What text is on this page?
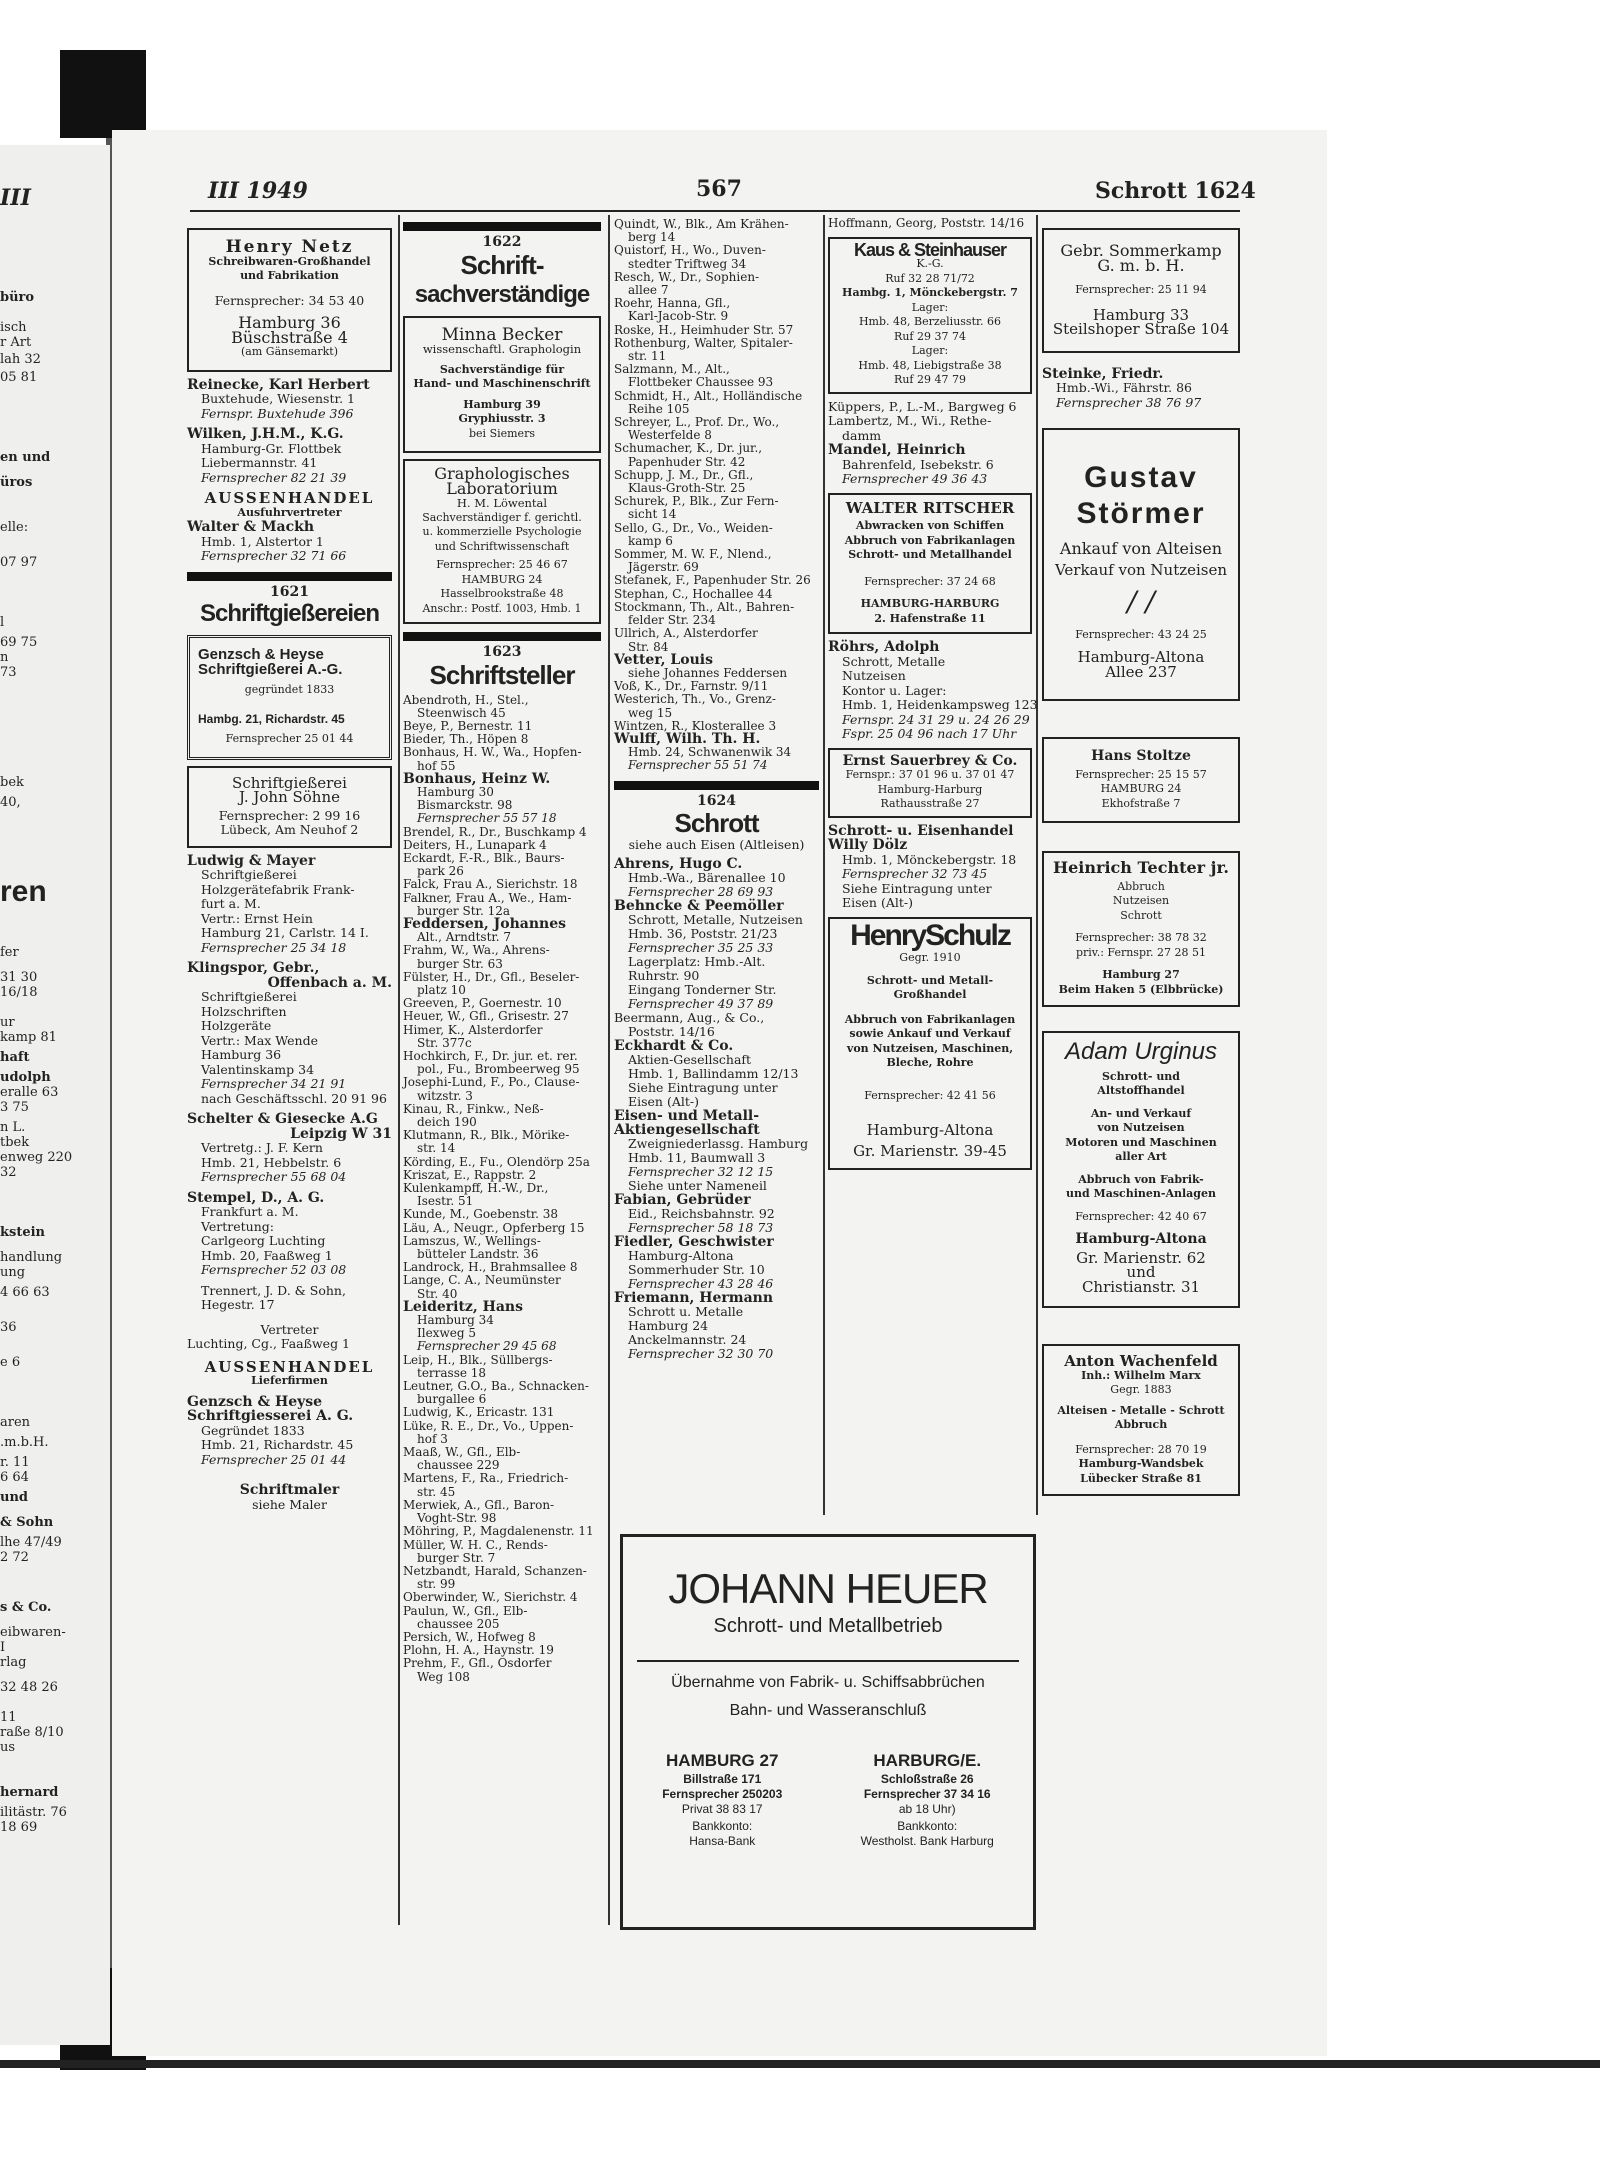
III
büro
isch
r Art
lah 32
05 81
en und
üros
elle:
07 97
l
69 75
n
73
bek
40,
ren
fer
31 30
16/18
ur
kamp 81
haft
udolph
eralle 63
3 75
n L.
tbek
enweg 220
32
kstein
handlung
ung
4 66 63
36
e 6
aren
.m.b.H.
r. 11
6 64
und
& Sohn
lhe 47/49
2 72
s & Co.
eibwaren-
I
rlag
32 48 26
11
raße 8/10
us
hernard
ilitästr. 76
18 69
III 1949	567	Schrott 1624
Henry Netz
Schreibwaren-Großhandel
und Fabrikation
Fernsprecher: 34 53 40
Hamburg 36
Büschstraße 4
(am Gänsemarkt)
Reinecke, Karl Herbert
Buxtehude, Wiesenstr. 1
Fernspr. Buxtehude 396
Wilken, J.H.M., K.G.
Hamburg-Gr. Flottbek
Liebermannstr. 41
Fernsprecher 82 21 39
AUSSENHANDEL
Ausfuhrvertreter
Walter & Mackh
Hmb. 1, Alstertor 1
Fernsprecher 32 71 66
1621
Schriftgießereien
Genzsch & Heyse
Schriftgießerei A.-G.
gegründet 1833
Hambg. 21, Richardstr. 45
Fernsprecher 25 01 44
Schriftgießerei
J. John Söhne
Fernsprecher: 2 99 16
Lübeck, Am Neuhof 2
Ludwig & Mayer
Schriftgießerei
Holzgerätefabrik Frank-
furt a. M.
Vertr.: Ernst Hein
Hamburg 21, Carlstr. 14 I.
Fernsprecher 25 34 18
Klingspor, Gebr.,
Offenbach a. M.
Schriftgießerei
Holzschriften
Holzgeräte
Vertr.: Max Wende
Hamburg 36
Valentinskamp 34
Fernsprecher 34 21 91
nach Geschäftsschl. 20 91 96
Schelter & Giesecke A.G
Leipzig W 31
Vertretg.: J. F. Kern
Hmb. 21, Hebbelstr. 6
Fernsprecher 55 68 04
Stempel, D., A. G.
Frankfurt a. M.
Vertretung:
Carlgeorg Luchting
Hmb. 20, Faaßweg 1
Fernsprecher 52 03 08
Trennert, J. D. & Sohn,
Hegestr. 17
Vertreter
Luchting, Cg., Faaßweg 1
AUSSENHANDEL
Lieferfirmen
Genzsch & Heyse
Schriftgiesserei A. G.
Gegründet 1833
Hmb. 21, Richardstr. 45
Fernsprecher 25 01 44
Schriftmaler
siehe Maler
1622
Schrift-
sachverständige
Minna Becker
wissenschaftl. Graphologin
Sachverständige für
Hand- und Maschinenschrift
Hamburg 39
Gryphiusstr. 3
bei Siemers
Graphologisches
Laboratorium
H. M. Löwental
Sachverständiger f. gerichtl.
u. kommerzielle Psychologie
und Schriftwissenschaft
Fernsprecher: 25 46 67
HAMBURG 24
Hasselbrookstraße 48
Anschr.: Postf. 1003, Hmb. 1
1623
Schriftsteller
Abendroth, H., Stel.,
Steenwisch 45
Beye, P., Bernestr. 11
Bieder, Th., Höpen 8
Bonhaus, H. W., Wa., Hopfen-
hof 55
Bonhaus, Heinz W.
Hamburg 30
Bismarckstr. 98
Fernsprecher 55 57 18
Brendel, R., Dr., Buschkamp 4
Deiters, H., Lunapark 4
Eckardt, F.-R., Blk., Baurs-
park 26
Falck, Frau A., Sierichstr. 18
Falkner, Frau A., We., Ham-
burger Str. 12a
Feddersen, Johannes
Alt., Arndtstr. 7
Frahm, W., Wa., Ahrens-
burger Str. 63
Fülster, H., Dr., Gfl., Beseler-
platz 10
Greeven, P., Goernestr. 10
Heuer, W., Gfl., Grisestr. 27
Himer, K., Alsterdorfer
Str. 377c
Hochkirch, F., Dr. jur. et. rer.
pol., Fu., Brombeerweg 95
Josephi-Lund, F., Po., Clause-
witzstr. 3
Kinau, R., Finkw., Neß-
deich 190
Klutmann, R., Blk., Mörike-
str. 14
Körding, E., Fu., Olendörp 25a
Kriszat, E., Rappstr. 2
Kulenkampff, H.-W., Dr.,
Isestr. 51
Kunde, M., Goebenstr. 38
Läu, A., Neugr., Opferberg 15
Lamszus, W., Wellings-
bütteler Landstr. 36
Landrock, H., Brahmsallee 8
Lange, C. A., Neumünster
Str. 40
Leideritz, Hans
Hamburg 34
Ilexweg 5
Fernsprecher 29 45 68
Leip, H., Blk., Süllbergs-
terrasse 18
Leutner, G.O., Ba., Schnacken-
burgallee 6
Ludwig, K., Ericastr. 131
Lüke, R. E., Dr., Vo., Uppen-
hof 3
Maaß, W., Gfl., Elb-
chaussee 229
Martens, F., Ra., Friedrich-
str. 45
Merwiek, A., Gfl., Baron-
Voght-Str. 98
Möhring, P., Magdalenenstr. 11
Müller, W. H. C., Rends-
burger Str. 7
Netzbandt, Harald, Schanzen-
str. 99
Oberwinder, W., Sierichstr. 4
Paulun, W., Gfl., Elb-
chaussee 205
Persich, W., Hofweg 8
Plohn, H. A., Haynstr. 19
Prehm, F., Gfl., Osdorfer
Weg 108
Quindt, W., Blk., Am Krähen-
berg 14
Quistorf, H., Wo., Duven-
stedter Triftweg 34
Resch, W., Dr., Sophien-
allee 7
Roehr, Hanna, Gfl.,
Karl-Jacob-Str. 9
Roske, H., Heimhuder Str. 57
Rothenburg, Walter, Spitaler-
str. 11
Salzmann, M., Alt.,
Flottbeker Chaussee 93
Schmidt, H., Alt., Holländische
Reihe 105
Schreyer, L., Prof. Dr., Wo.,
Westerfelde 8
Schumacher, K., Dr. jur.,
Papenhuder Str. 42
Schupp, J. M., Dr., Gfl.,
Klaus-Groth-Str. 25
Schurek, P., Blk., Zur Fern-
sicht 14
Sello, G., Dr., Vo., Weiden-
kamp 6
Sommer, M. W. F., Nlend.,
Jägerstr. 69
Stefanek, F., Papenhuder Str. 26
Stephan, C., Hochallee 44
Stockmann, Th., Alt., Bahren-
felder Str. 234
Ullrich, A., Alsterdorfer
Str. 84
Vetter, Louis
siehe Johannes Feddersen
Voß, K., Dr., Farnstr. 9/11
Westerich, Th., Vo., Grenz-
weg 15
Wintzen, R., Klosterallee 3
Wulff, Wilh. Th. H.
Hmb. 24, Schwanenwik 34
Fernsprecher 55 51 74
1624
Schrott
siehe auch Eisen (Altleisen)
Ahrens, Hugo C.
Hmb.-Wa., Bärenallee 10
Fernsprecher 28 69 93
Behncke & Peemöller
Schrott, Metalle, Nutzeisen
Hmb. 36, Poststr. 21/23
Fernsprecher 35 25 33
Lagerplatz: Hmb.-Alt.
Ruhrstr. 90
Eingang Tonderner Str.
Fernsprecher 49 37 89
Beermann, Aug., & Co.,
Poststr. 14/16
Eckhardt & Co.
Aktien-Gesellschaft
Hmb. 1, Ballindamm 12/13
Siehe Eintragung unter
Eisen (Alt-)
Eisen- und Metall-
Aktiengesellschaft
Zweigniederlassg. Hamburg
Hmb. 11, Baumwall 3
Fernsprecher 32 12 15
Siehe unter Nameneil
Fabian, Gebrüder
Eid., Reichsbahnstr. 92
Fernsprecher 58 18 73
Fiedler, Geschwister
Hamburg-Altona
Sommerhuder Str. 10
Fernsprecher 43 28 46
Friemann, Hermann
Schrott u. Metalle
Hamburg 24
Anckelmannstr. 24
Fernsprecher 32 30 70
Hoffmann, Georg, Poststr. 14/16
Kaus & Steinhauser
K.-G.
Ruf 32 28 71/72
Hambg. 1, Mönckebergstr. 7
Lager:
Hmb. 48, Berzeliusstr. 66
Ruf 29 37 74
Lager:
Hmb. 48, Liebigstraße 38
Ruf 29 47 79
Küppers, P., L.-M., Bargweg 6
Lambertz, M., Wi., Rethe-
damm
Mandel, Heinrich
Bahrenfeld, Isebekstr. 6
Fernsprecher 49 36 43
WALTER RITSCHER
Abwracken von Schiffen
Abbruch von Fabrikanlagen
Schrott- und Metallhandel
Fernsprecher: 37 24 68
HAMBURG-HARBURG
2. Hafenstraße 11
Röhrs, Adolph
Schrott, Metalle
Nutzeisen
Kontor u. Lager:
Hmb. 1, Heidenkampsweg 123
Fernspr. 24 31 29 u. 24 26 29
Fspr. 25 04 96 nach 17 Uhr
Ernst Sauerbrey & Co.
Fernspr.: 37 01 96 u. 37 01 47
Hamburg-Harburg
Rathausstraße 27
Schrott- u. Eisenhandel
Willy Dölz
Hmb. 1, Mönckebergstr. 18
Fernsprecher 32 73 45
Siehe Eintragung unter
Eisen (Alt-)
HenrySchulz
Gegr. 1910
Schrott- und Metall-
Großhandel
Abbruch von Fabrikanlagen
sowie Ankauf und Verkauf
von Nutzeisen, Maschinen,
Bleche, Rohre
Fernsprecher: 42 41 56
Hamburg-Altona
Gr. Marienstr. 39-45
Gebr. Sommerkamp
G. m. b. H.
Fernsprecher: 25 11 94
Hamburg 33
Steilshoper Straße 104
Steinke, Friedr.
Hmb.-Wi., Fährstr. 86
Fernsprecher 38 76 97
Gustav
Störmer
Ankauf von Alteisen
Verkauf von Nutzeisen
/ /
Fernsprecher: 43 24 25
Hamburg-Altona
Allee 237
Hans Stoltze
Fernsprecher: 25 15 57
HAMBURG 24
Ekhofstraße 7
Heinrich Techter jr.
Abbruch
Nutzeisen
Schrott
Fernsprecher: 38 78 32
priv.: Fernspr. 27 28 51
Hamburg 27
Beim Haken 5 (Elbbrücke)
Adam Urginus
Schrott- und
Altstoffhandel
An- und Verkauf
von Nutzeisen
Motoren und Maschinen
aller Art
Abbruch von Fabrik-
und Maschinen-Anlagen
Fernsprecher: 42 40 67
Hamburg-Altona
Gr. Marienstr. 62
und
Christianstr. 31
Anton Wachenfeld
Inh.: Wilhelm Marx
Gegr. 1883
Alteisen - Metalle - Schrott
Abbruch
Fernsprecher: 28 70 19
Hamburg-Wandsbek
Lübecker Straße 81
JOHANN HEUER
Schrott- und Metallbetrieb
Übernahme von Fabrik- u. Schiffsabbrüchen
Bahn- und Wasseranschluß
HAMBURG 27
Billstraße 171
Fernsprecher 250203
Privat 38 83 17
Bankkonto:
Hansa-Bank
HARBURG/E.
Schloßstraße 26
Fernsprecher 37 34 16
ab 18 Uhr)
Bankkonto:
Westholst. Bank Harburg
